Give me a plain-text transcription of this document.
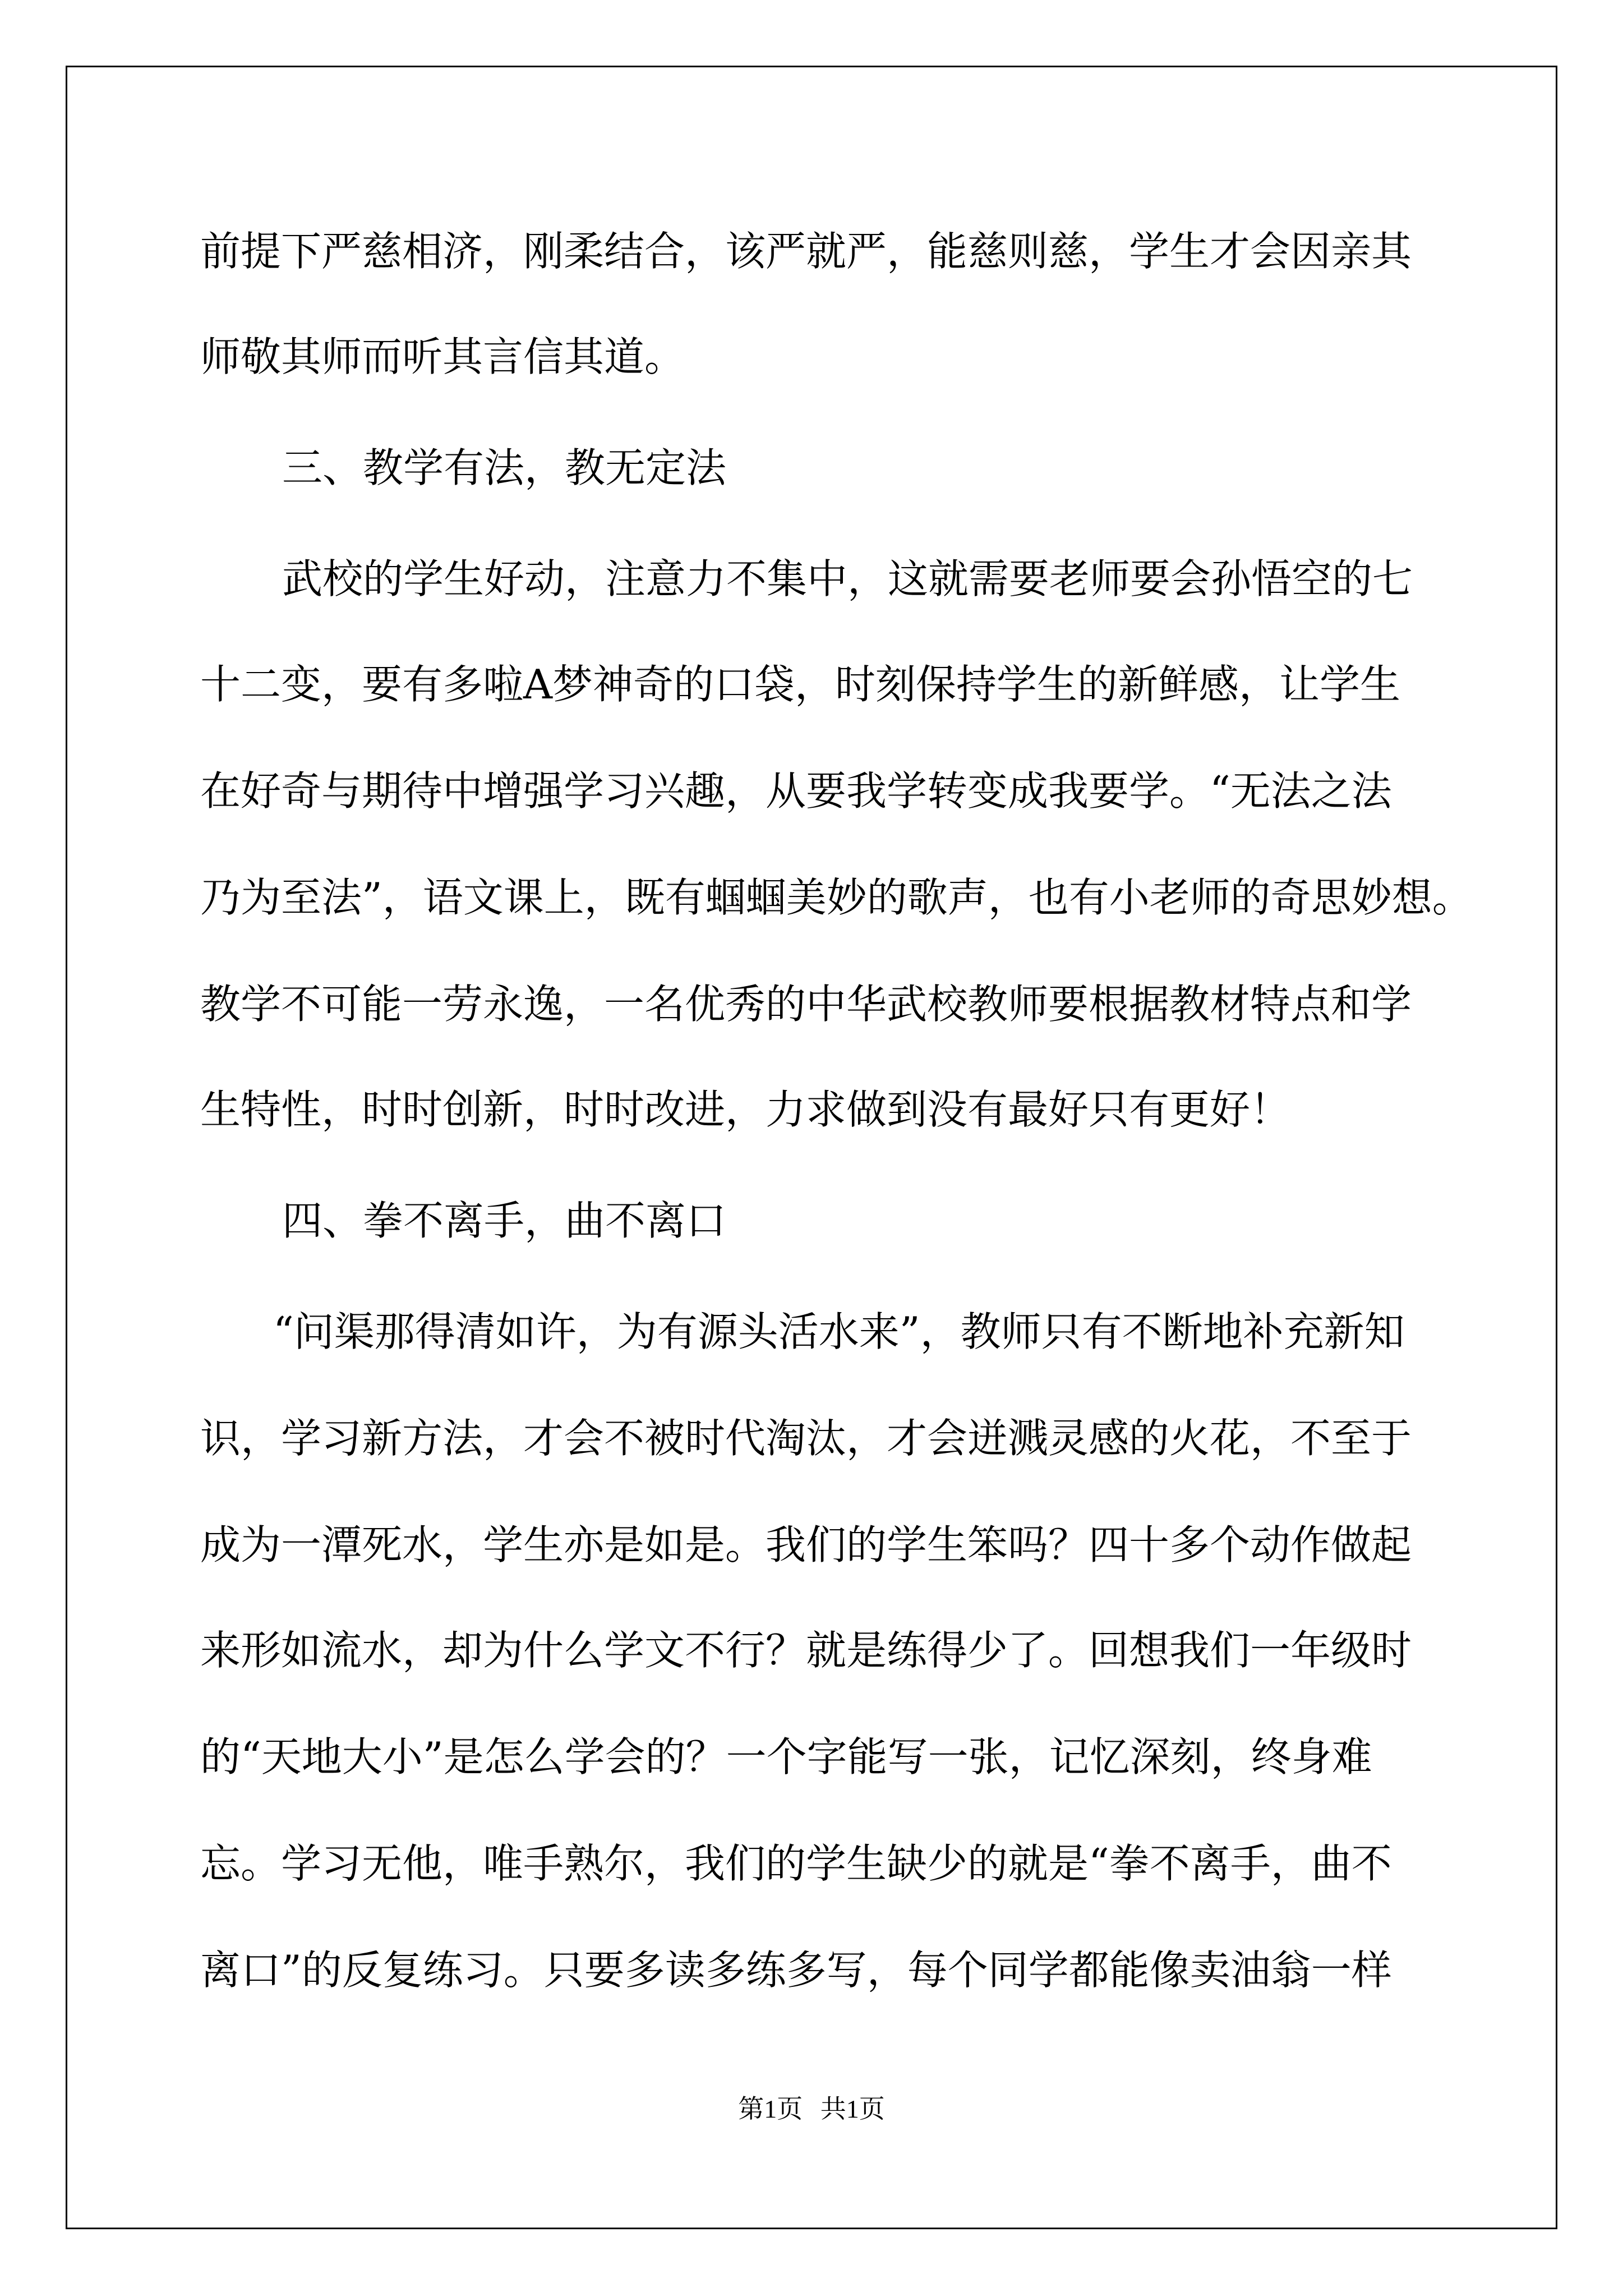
前提下严慈相济，刚柔结合，该严就严，能慈则慈，学生才会因亲其
师敬其师而听其言信其道。
三、教学有法，教无定法
武校的学生好动，注意力不集中，这就需要老师要会孙悟空的七
十二变，要有多啦A梦神奇的口袋，时刻保持学生的新鲜感，让学生
在好奇与期待中增强学习兴趣，从要我学转变成我要学。“无法之法
乃为至法”，语文课上，既有蝈蝈美妙的歌声，也有小老师的奇思妙想。
教学不可能一劳永逸，一名优秀的中华武校教师要根据教材特点和学
生特性，时时创新，时时改进，力求做到没有最好只有更好！
四、拳不离手，曲不离口
“问渠那得清如许，为有源头活水来”，教师只有不断地补充新知
识，学习新方法，才会不被时代淘汰，才会迸溅灵感的火花，不至于
成为一潭死水，学生亦是如是。我们的学生笨吗？四十多个动作做起
来形如流水，却为什么学文不行？就是练得少了。回想我们一年级时
的“天地大小”是怎么学会的？一个字能写一张，记忆深刻，终身难
忘。学习无他，唯手熟尔，我们的学生缺少的就是“拳不离手，曲不
离口”的反复练习。只要多读多练多写，每个同学都能像卖油翁一样
第1页 共1页
